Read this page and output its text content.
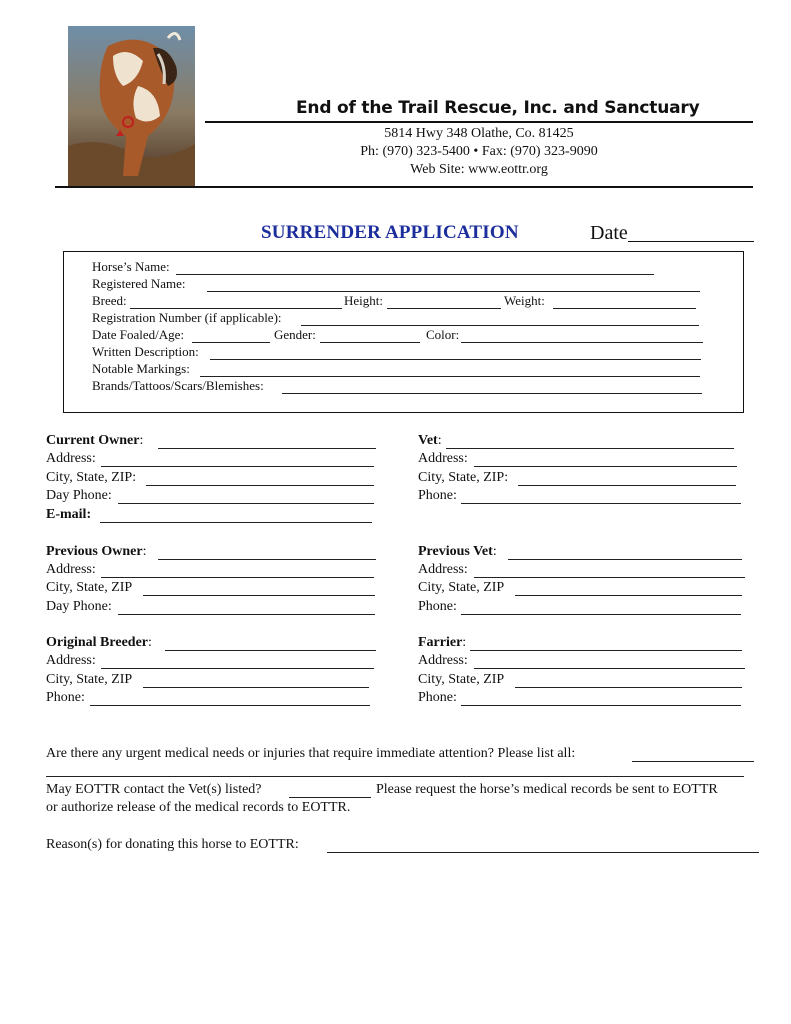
End of the Trail Rescue, Inc. and Sanctuary
5814 Hwy 348 Olathe, Co. 81425
Ph: (970) 323-5400 • Fax: (970) 323-9090
Web Site: www.eottr.org
SURRENDER APPLICATION	Date
Horse’s Name:
Registered Name:
Breed:	Height:	Weight:
Registration Number (if applicable):
Date Foaled/Age:	Gender:	Color:
Written Description:
Notable Markings:
Brands/Tattoos/Scars/Blemishes:
Current Owner:
Address:
City, State, ZIP:
Day Phone:
E-mail:
Vet:
Address:
City, State, ZIP:
Phone:
Previous Owner:
Address:
City, State, ZIP
Day Phone:
Previous Vet:
Address:
City, State, ZIP
Phone:
Original Breeder:
Address:
City, State, ZIP
Phone:
Farrier:
Address:
City, State, ZIP
Phone:
Are there any urgent medical needs or injuries that require immediate attention? Please list all:
May EOTTR contact the Vet(s) listed?	Please request the horse’s medical records be sent to EOTTR
or authorize release of the medical records to EOTTR.
Reason(s) for donating this horse to EOTTR:
